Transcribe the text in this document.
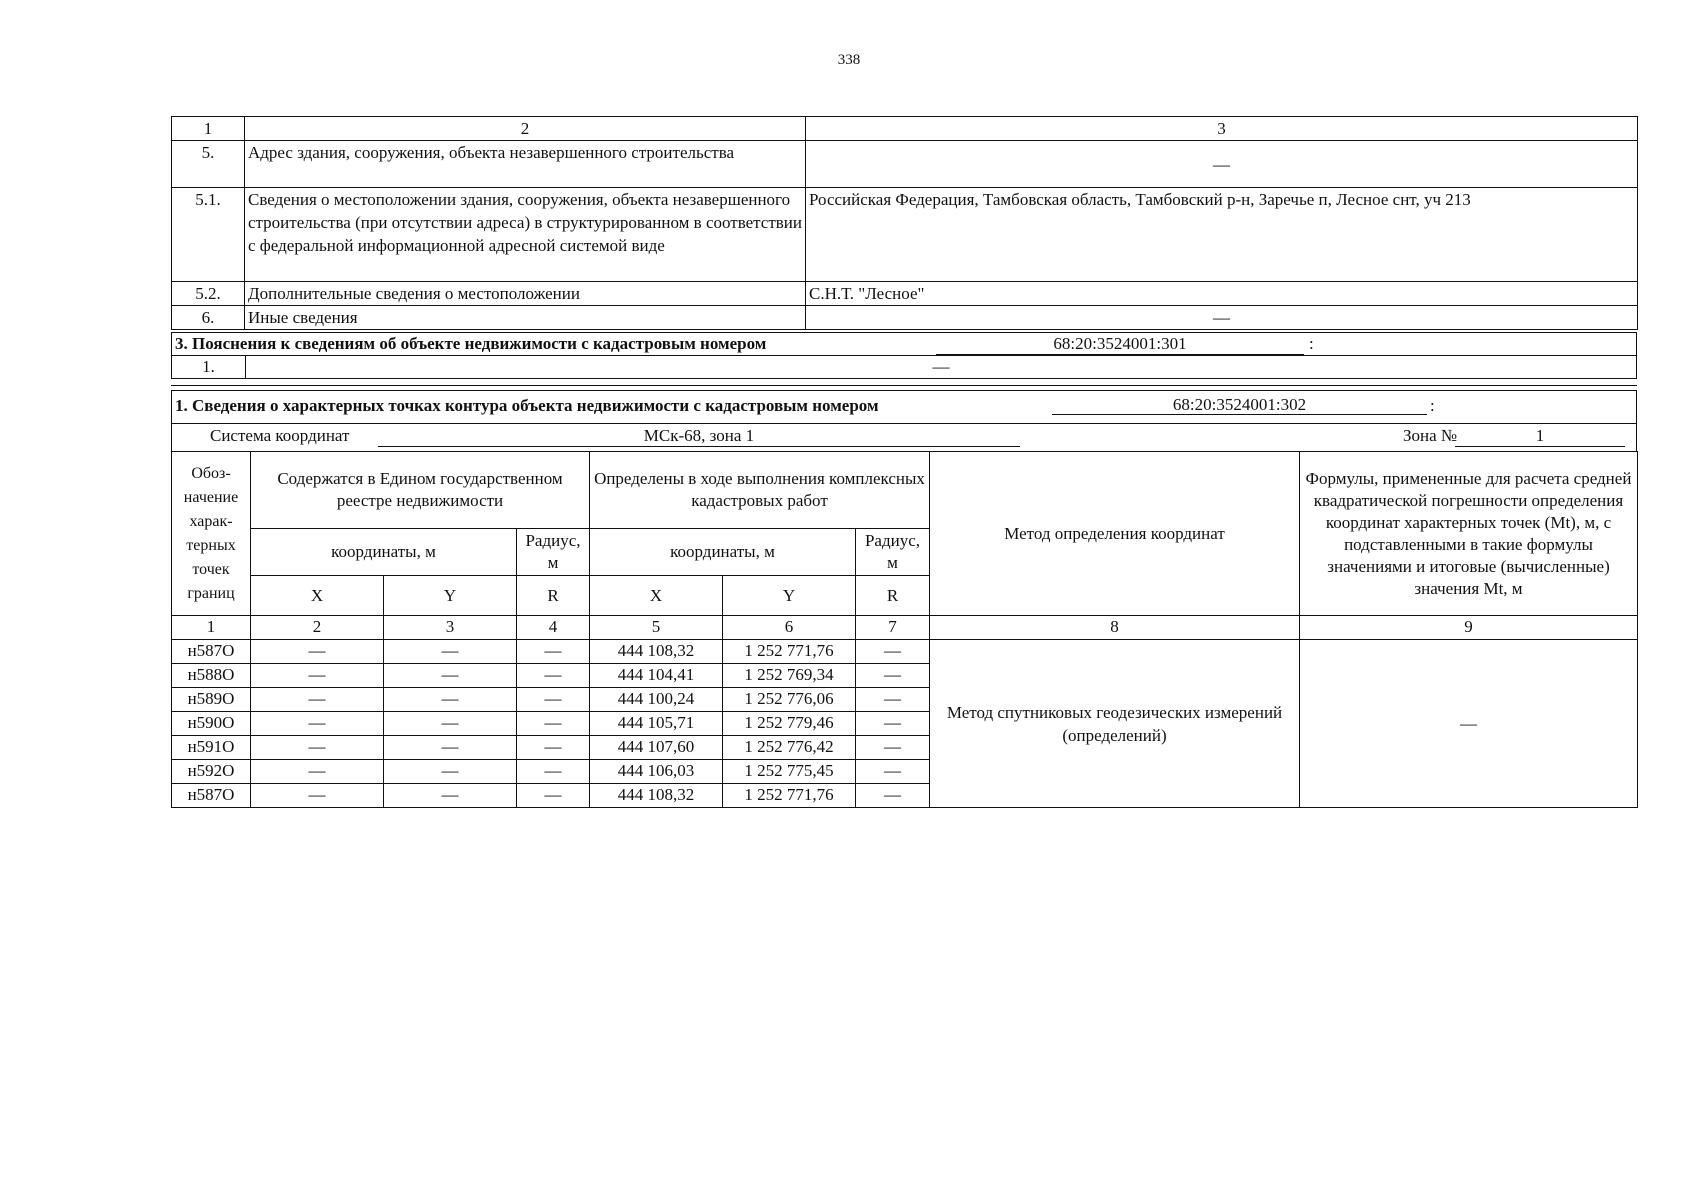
338
1	2	3
5.	Адрес здания, сооружения, объекта незавершенного строительства	—
5.1.	Сведения о местоположении здания, сооружения, объекта незавершенного строительства (при отсутствии адреса) в структурированном в соответствии с федеральной информационной адресной системой виде	Российская Федерация, Тамбовская область, Тамбовский р-н, Заречье п, Лесное снт, уч 213
5.2.	Дополнительные сведения о местоположении	С.Н.Т. "Лесное"
6.	Иные сведения	—
3. Пояснения к сведениям об объекте недвижимости с кадастровым номером	68:20:3524001:301	:
1.	—
1. Сведения о характерных точках контура объекта недвижимости с кадастровым номером	68:20:3524001:302	:
Система координат	МСк-68, зона 1	Зона №	1
Обоз-начение харак-терных точек границ	Содержатся в Едином государственном реестре недвижимости			Определены в ходе выполнения комплексных кадастровых работ			Метод определения координат	Формулы, примененные для расчета средней квадратической погрешности определения координат характерных точек (Mt), м, с подставленными в такие формулы значениями и итоговые (вычисленные) значения Mt, м
	координаты, м		Радиус, м	координаты, м		Радиус, м		
	X	Y	R	X	Y	R		
1	2	3	4	5	6	7	8	9
н587О	—	—	—	444 108,32	1 252 771,76	—	Метод спутниковых геодезических измерений (определений)	—
н588О	—	—	—	444 104,41	1 252 769,34	—		
н589О	—	—	—	444 100,24	1 252 776,06	—		
н590О	—	—	—	444 105,71	1 252 779,46	—		
н591О	—	—	—	444 107,60	1 252 776,42	—		
н592О	—	—	—	444 106,03	1 252 775,45	—		
н587О	—	—	—	444 108,32	1 252 771,76	—		
